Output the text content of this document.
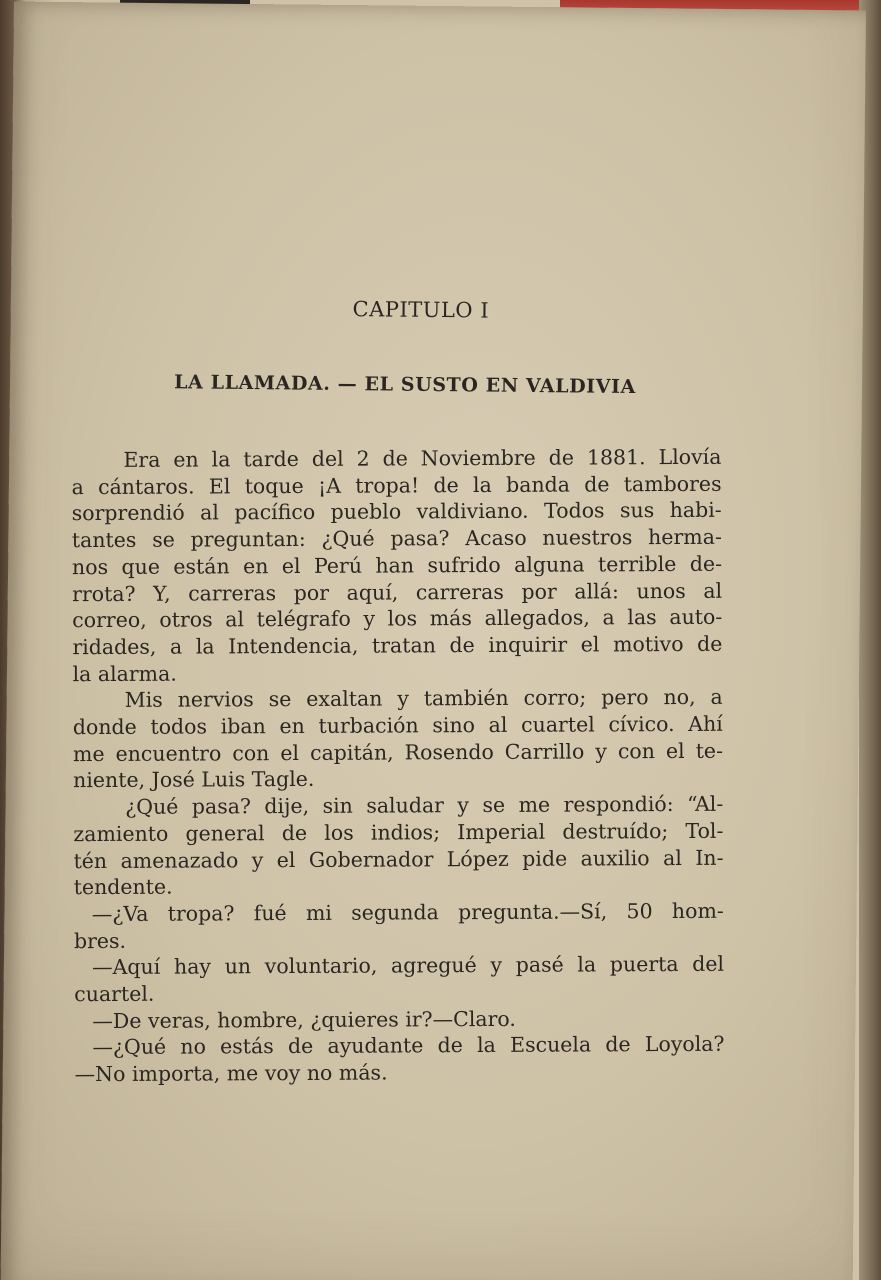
CAPITULO I
LA LLAMADA. — EL SUSTO EN VALDIVIA
Era en la tarde del 2 de Noviembre de 1881. Llovía
a cántaros. El toque ¡A tropa! de la banda de tambores
sorprendió al pacífico pueblo valdiviano. Todos sus habi-
tantes se preguntan: ¿Qué pasa? Acaso nuestros herma-
nos que están en el Perú han sufrido alguna terrible de-
rrota? Y, carreras por aquí, carreras por allá: unos al
correo, otros al telégrafo y los más allegados, a las auto-
ridades, a la Intendencia, tratan de inquirir el motivo de
la alarma.
Mis nervios se exaltan y también corro; pero no, a
donde todos iban en turbación sino al cuartel cívico. Ahí
me encuentro con el capitán, Rosendo Carrillo y con el te-
niente, José Luis Tagle.
¿Qué pasa? dije, sin saludar y se me respondió: “Al-
zamiento general de los indios; Imperial destruído; Tol-
tén amenazado y el Gobernador López pide auxilio al In-
tendente.
—¿Va tropa? fué mi segunda pregunta.—Sí, 50 hom-
bres.
—Aquí hay un voluntario, agregué y pasé la puerta del
cuartel.
—De veras, hombre, ¿quieres ir?—Claro.
—¿Qué no estás de ayudante de la Escuela de Loyola?
—No importa, me voy no más.
